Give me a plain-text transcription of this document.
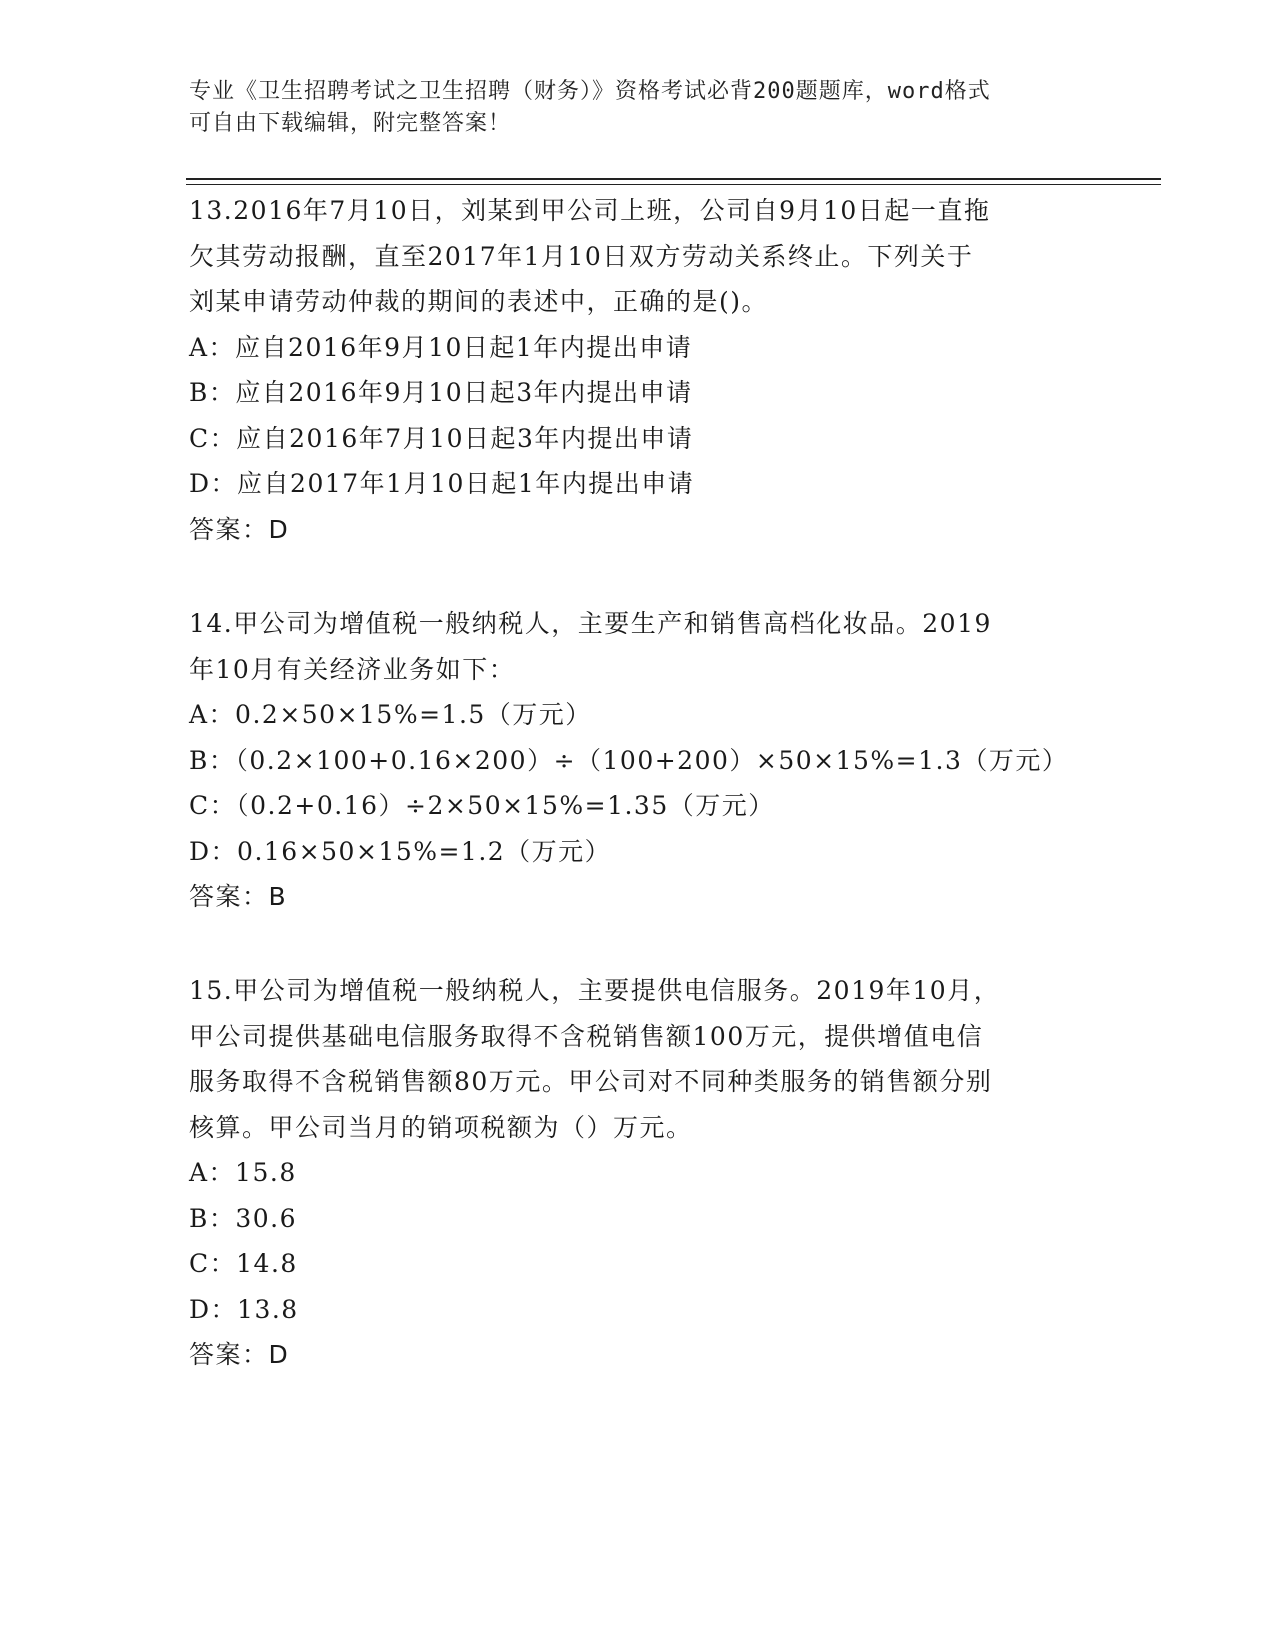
专业《卫生招聘考试之卫生招聘（财务）》资格考试必背200题题库，word格式
可自由下载编辑，附完整答案！
13.2016年7月10日，刘某到甲公司上班，公司自9月10日起一直拖
欠其劳动报酬，直至2017年1月10日双方劳动关系终止。下列关于
刘某申请劳动仲裁的期间的表述中，正确的是()。
A：应自2016年9月10日起1年内提出申请
B：应自2016年9月10日起3年内提出申请
C：应自2016年7月10日起3年内提出申请
D：应自2017年1月10日起1年内提出申请
答案：D
14.甲公司为增值税一般纳税人，主要生产和销售高档化妆品。2019
年10月有关经济业务如下：
A：0.2×50×15%=1.5（万元）
B：（0.2×100+0.16×200）÷（100+200）×50×15%=1.3（万元）
C：（0.2+0.16）÷2×50×15%=1.35（万元）
D：0.16×50×15%=1.2（万元）
答案：B
15.甲公司为增值税一般纳税人，主要提供电信服务。2019年10月，
甲公司提供基础电信服务取得不含税销售额100万元，提供增值电信
服务取得不含税销售额80万元。甲公司对不同种类服务的销售额分别
核算。甲公司当月的销项税额为（）万元。
A：15.8
B：30.6
C：14.8
D：13.8
答案：D
